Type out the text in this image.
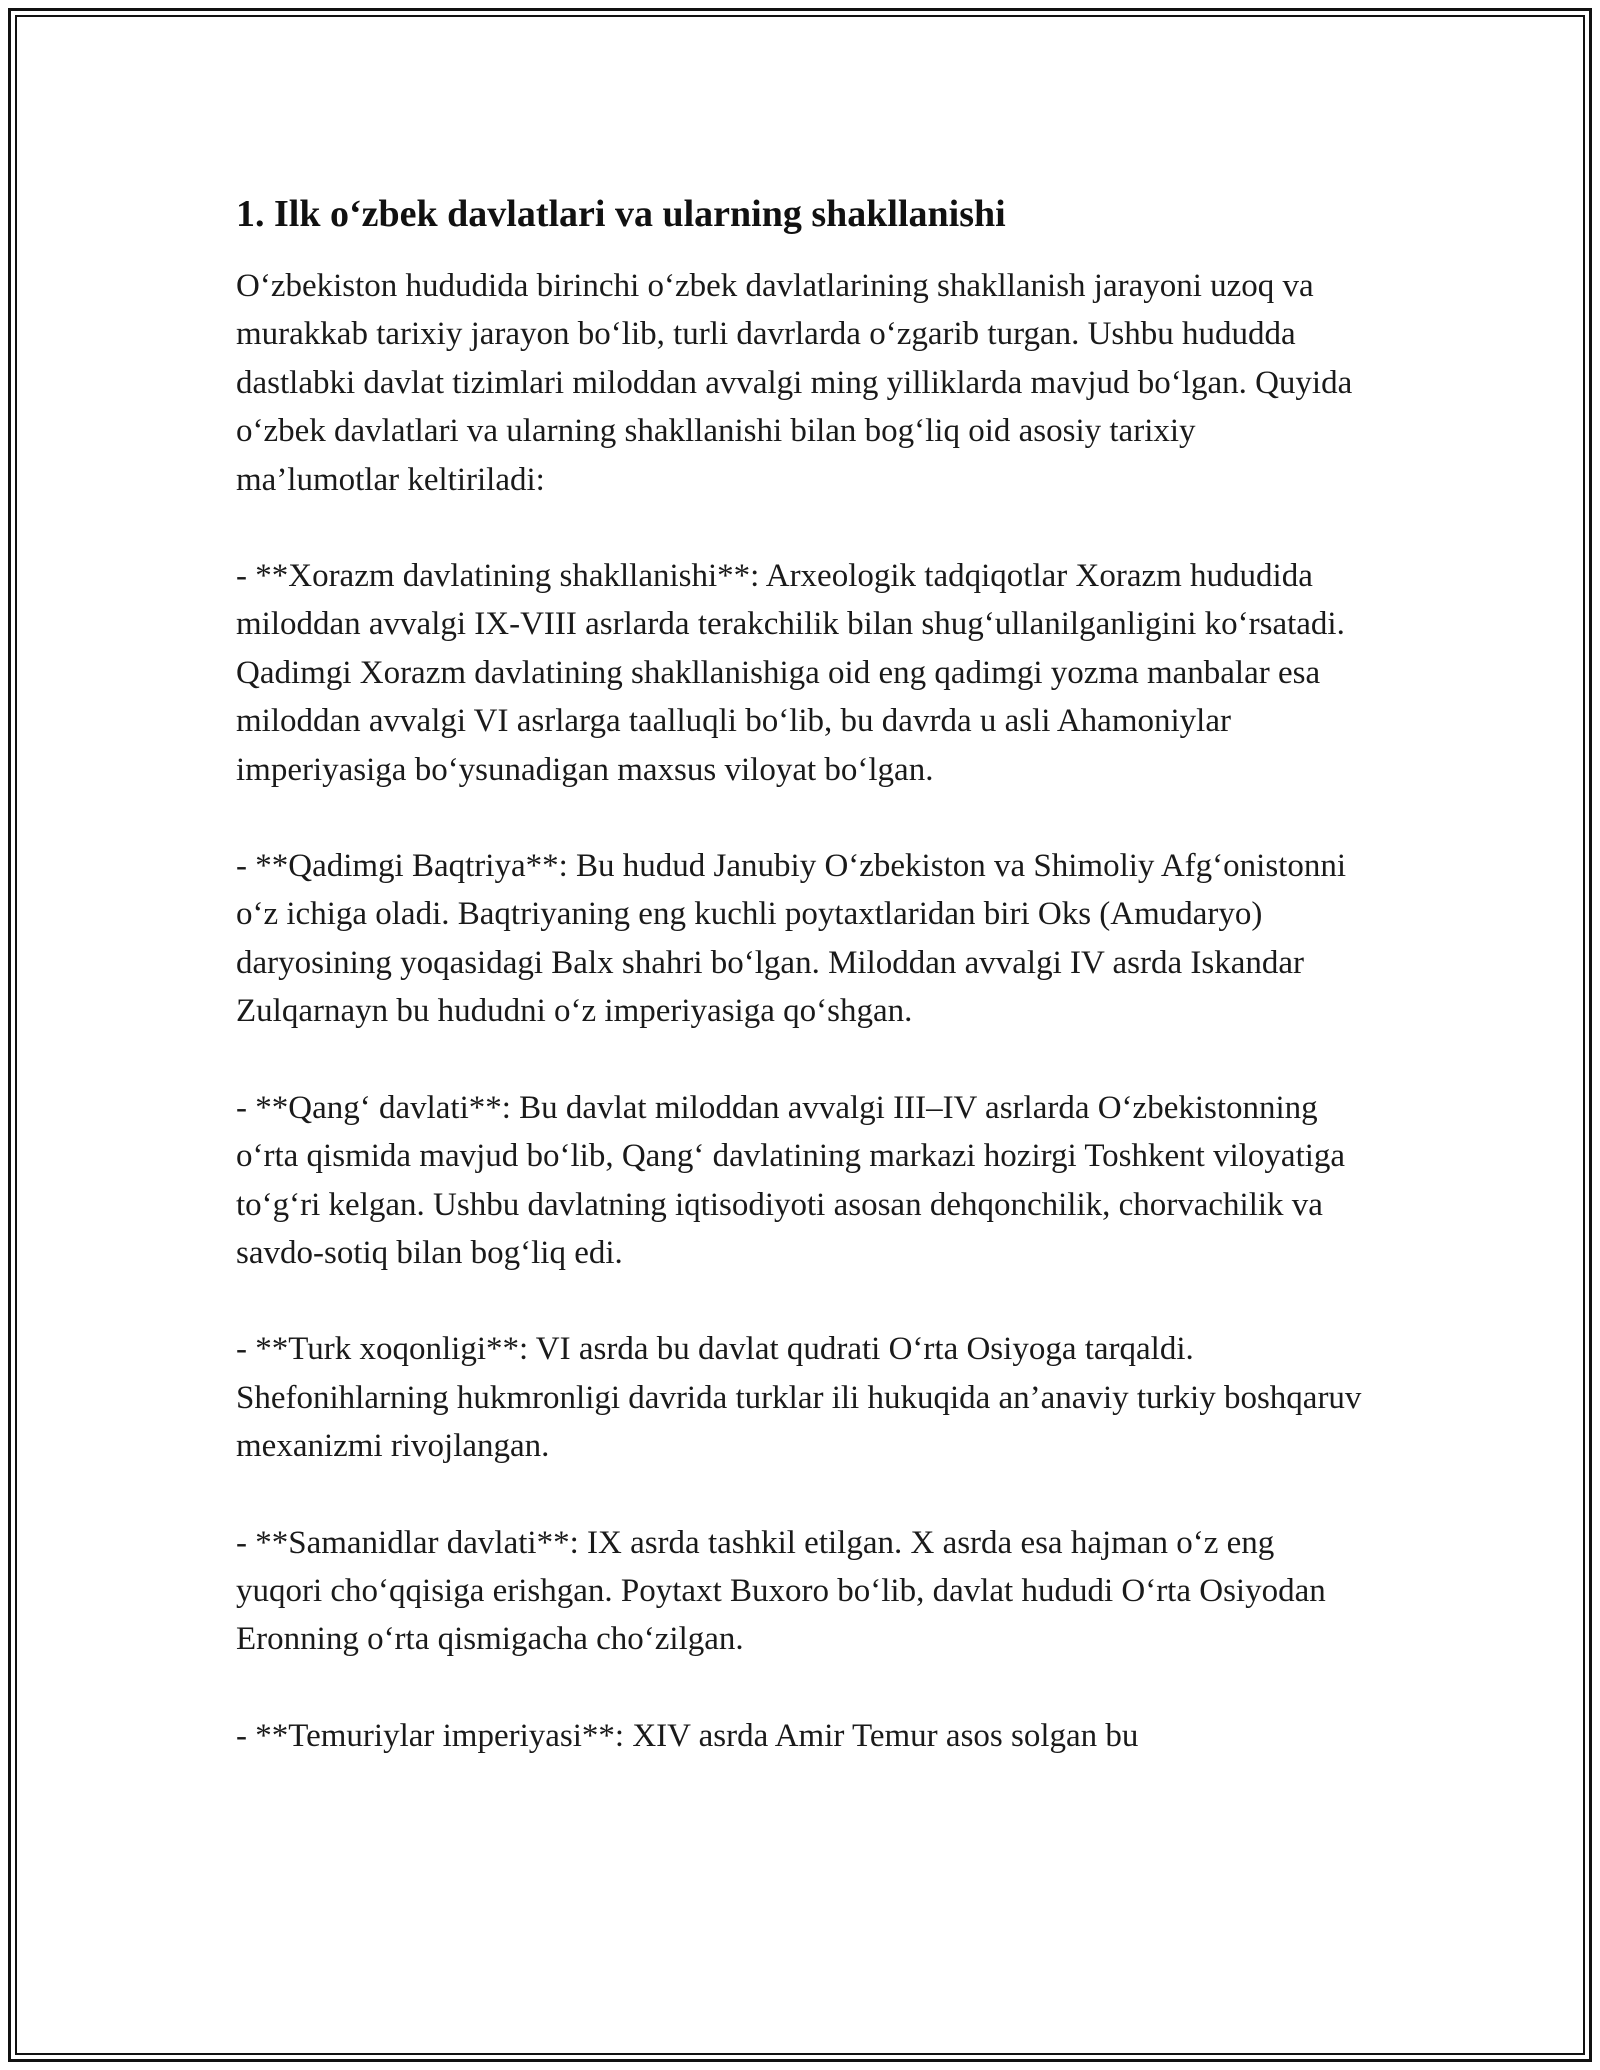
1. Ilk o‘zbek davlatlari va ularning shakllanishi

O‘zbekiston hududida birinchi o‘zbek davlatlarining shakllanish jarayoni uzoq va murakkab tarixiy jarayon bo‘lib, turli davrlarda o‘zgarib turgan. Ushbu hududda dastlabki davlat tizimlari miloddan avvalgi ming yilliklarda mavjud bo‘lgan. Quyida o‘zbek davlatlari va ularning shakllanishi bilan bog‘liq oid asosiy tarixiy ma’lumotlar keltiriladi:

- **Xorazm davlatining shakllanishi**: Arxeologik tadqiqotlar Xorazm hududida miloddan avvalgi IX-VIII asrlarda terakchilik bilan shug‘ullanilganligini ko‘rsatadi. Qadimgi Xorazm davlatining shakllanishiga oid eng qadimgi yozma manbalar esa miloddan avvalgi VI asrlarga taalluqli bo‘lib, bu davrda u asli Ahamoniylar imperiyasiga bo‘ysunadigan maxsus viloyat bo‘lgan.

- **Qadimgi Baqtriya**: Bu hudud Janubiy O‘zbekiston va Shimoliy Afg‘onistonni o‘z ichiga oladi. Baqtriyaning eng kuchli poytaxtlaridan biri Oks (Amudaryo) daryosining yoqasidagi Balx shahri bo‘lgan. Miloddan avvalgi IV asrda Iskandar Zulqarnayn bu hududni o‘z imperiyasiga qo‘shgan.

- **Qang‘ davlati**: Bu davlat miloddan avvalgi III–IV asrlarda O‘zbekistonning o‘rta qismida mavjud bo‘lib, Qang‘ davlatining markazi hozirgi Toshkent viloyatiga to‘g‘ri kelgan. Ushbu davlatning iqtisodiyoti asosan dehqonchilik, chorvachilik va savdo-sotiq bilan bog‘liq edi.

- **Turk xoqonligi**: VI asrda bu davlat qudrati O‘rta Osiyoga tarqaldi. Shefonihlarning hukmronligi davrida turklar ili hukuqida an’anaviy turkiy boshqaruv mexanizmi rivojlangan.

- **Samanidlar davlati**: IX asrda tashkil etilgan. X asrda esa hajman o‘z eng yuqori cho‘qqisiga erishgan. Poytaxt Buxoro bo‘lib, davlat hududi O‘rta Osiyodan Eronning o‘rta qismigacha cho‘zilgan.

- **Temuriylar imperiyasi**: XIV asrda Amir Temur asos solgan bu
